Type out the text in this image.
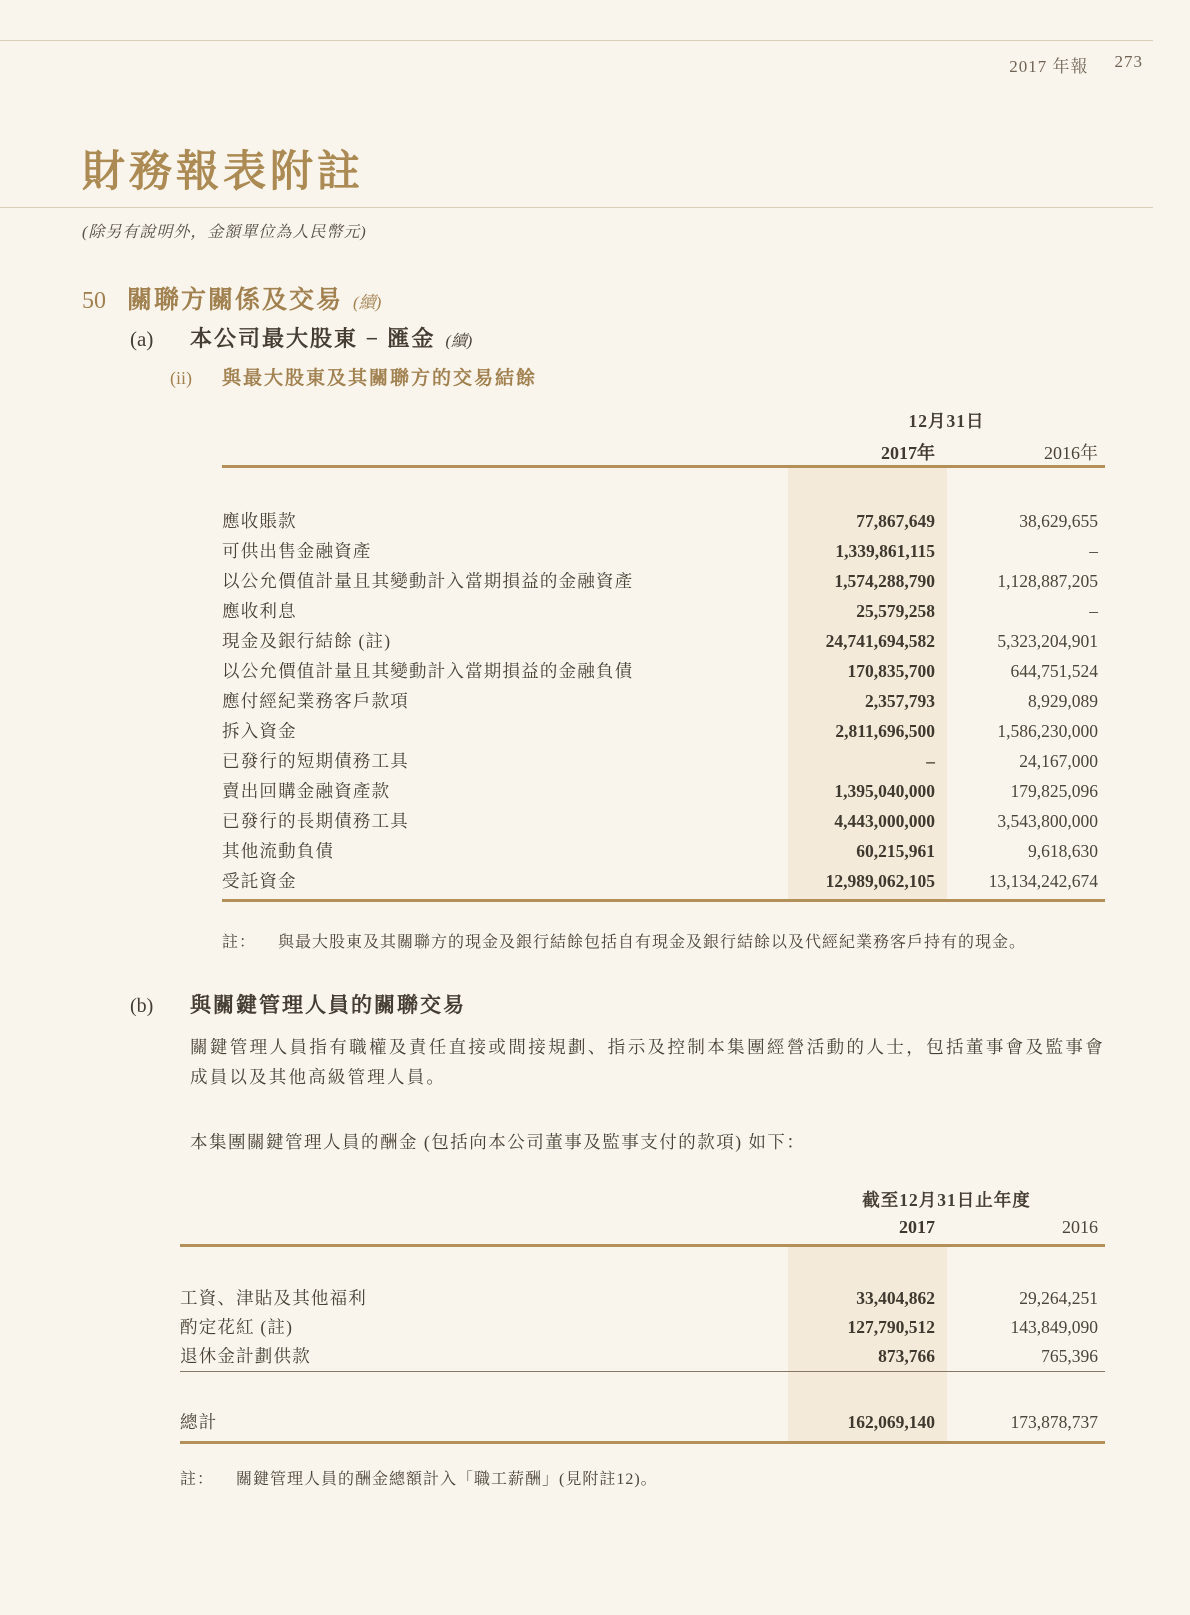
2017 年報 273
財務報表附註
(除另有說明外，金額單位為人民幣元)
50 關聯方關係及交易 (續)
(a)	本公司最大股東 − 匯金 (續)
(ii)	與最大股東及其關聯方的交易結餘
12月31日
2017年	2016年
應收賬款	77,867,649	38,629,655
可供出售金融資產	1,339,861,115	–
以公允價值計量且其變動計入當期損益的金融資產	1,574,288,790	1,128,887,205
應收利息	25,579,258	–
現金及銀行結餘 (註)	24,741,694,582	5,323,204,901
以公允價值計量且其變動計入當期損益的金融負債	170,835,700	644,751,524
應付經紀業務客戶款項	2,357,793	8,929,089
拆入資金	2,811,696,500	1,586,230,000
已發行的短期債務工具	–	24,167,000
賣出回購金融資產款	1,395,040,000	179,825,096
已發行的長期債務工具	4,443,000,000	3,543,800,000
其他流動負債	60,215,961	9,618,630
受託資金	12,989,062,105	13,134,242,674
註： 與最大股東及其關聯方的現金及銀行結餘包括自有現金及銀行結餘以及代經紀業務客戶持有的現金。
(b)	與關鍵管理人員的關聯交易
關鍵管理人員指有職權及責任直接或間接規劃、指示及控制本集團經營活動的人士，包括董事會及監事會成員以及其他高級管理人員。
本集團關鍵管理人員的酬金 (包括向本公司董事及監事支付的款項) 如下：
截至12月31日止年度
2017	2016
工資、津貼及其他福利	33,404,862	29,264,251
酌定花紅 (註)	127,790,512	143,849,090
退休金計劃供款	873,766	765,396
總計	162,069,140	173,878,737
註： 關鍵管理人員的酬金總額計入「職工薪酬」(見附註12)。
